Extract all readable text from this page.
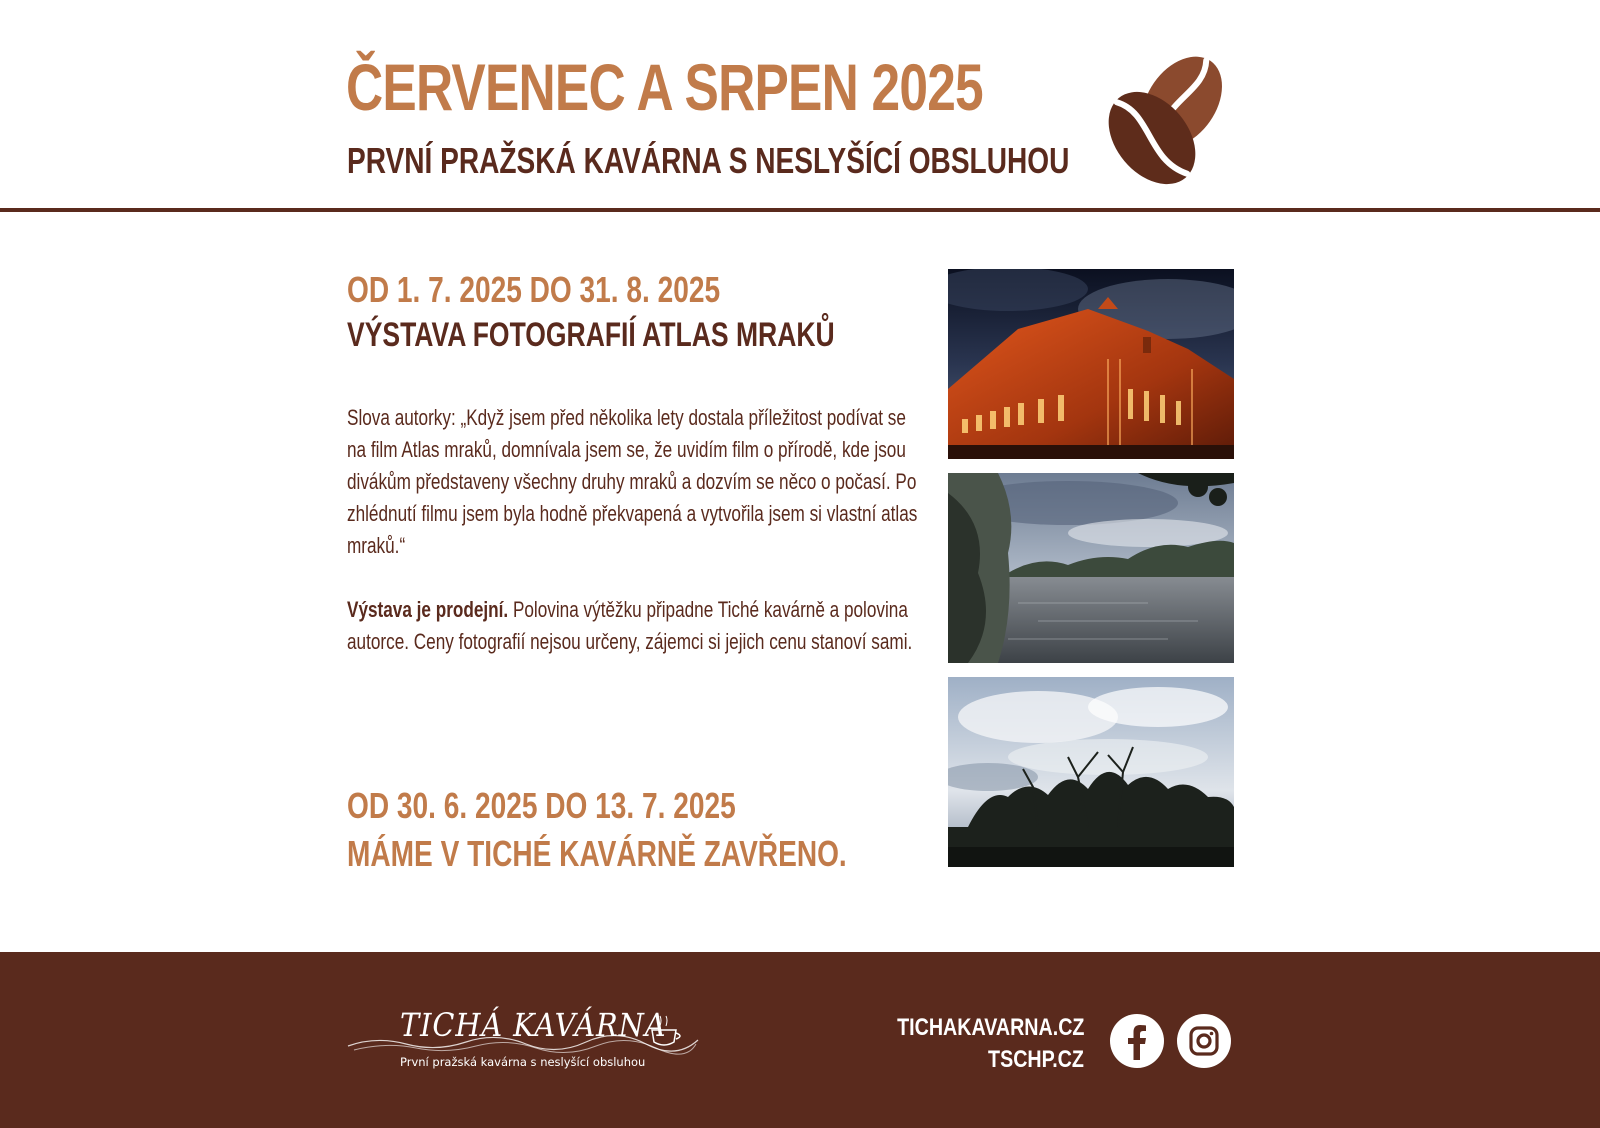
ČERVENEC A SRPEN 2025
PRVNÍ PRAŽSKÁ KAVÁRNA S NESLYŠÍCÍ OBSLUHOU
OD 1. 7. 2025 DO 31. 8. 2025
VÝSTAVA FOTOGRAFIÍ ATLAS MRAKŮ
Slova autorky: „Když jsem před několika lety dostala příležitost podívat se na film Atlas mraků, domnívala jsem se, že uvidím film o přírodě, kde jsou divákům představeny všechny druhy mraků a dozvím se něco o počasí. Po zhlédnutí filmu jsem byla hodně překvapená a vytvořila jsem si vlastní atlas mraků.“
Výstava je prodejní. Polovina výtěžku připadne Tiché kavárně a polovina autorce. Ceny fotografií nejsou určeny, zájemci si jejich cenu stanoví sami.
OD 30. 6. 2025 DO 13. 7. 2025
MÁME V TICHÉ KAVÁRNĚ ZAVŘENO.
TICHÁ KAVÁRNA
První pražská kavárna s neslyšící obsluhou
TICHAKAVARNA.CZ
TSCHP.CZ
